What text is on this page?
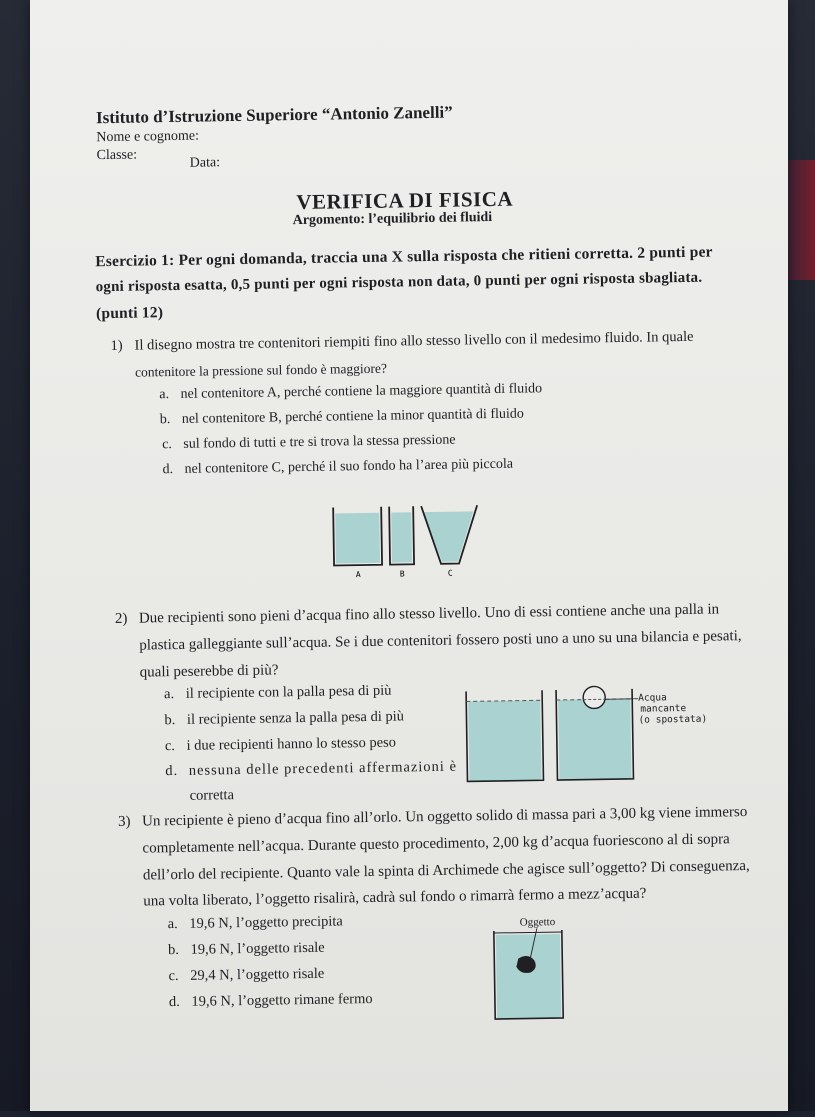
Istituto d’Istruzione Superiore “Antonio Zanelli”
Nome e cognome:
Classe:	Data:
VERIFICA DI FISICA
Argomento: l’equilibrio dei fluidi
Esercizio 1: Per ogni domanda, traccia una X sulla risposta che ritieni corretta. 2 punti per
ogni risposta esatta, 0,5 punti per ogni risposta non data, 0 punti per ogni risposta sbagliata.
(punti 12)
1) Il disegno mostra tre contenitori riempiti fino allo stesso livello con il medesimo fluido. In quale
contenitore la pressione sul fondo è maggiore?
a. nel contenitore A, perché contiene la maggiore quantità di fluido
b. nel contenitore B, perché contiene la minor quantità di fluido
c. sul fondo di tutti e tre si trova la stessa pressione
d. nel contenitore C, perché il suo fondo ha l’area più piccola
A	B	C
2) Due recipienti sono pieni d’acqua fino allo stesso livello. Uno di essi contiene anche una palla in
plastica galleggiante sull’acqua. Se i due contenitori fossero posti uno a uno su una bilancia e pesati,
quali peserebbe di più?
a. il recipiente con la palla pesa di più
b. il recipiente senza la palla pesa di più
c. i due recipienti hanno lo stesso peso
d. nessuna delle precedenti affermazioni è
corretta
Acqua
mancante
(o spostata)
3) Un recipiente è pieno d’acqua fino all’orlo. Un oggetto solido di massa pari a 3,00 kg viene immerso
completamente nell’acqua. Durante questo procedimento, 2,00 kg d’acqua fuoriescono al di sopra
dell’orlo del recipiente. Quanto vale la spinta di Archimede che agisce sull’oggetto? Di conseguenza,
una volta liberato, l’oggetto risalirà, cadrà sul fondo o rimarrà fermo a mezz’acqua?
a. 19,6 N, l’oggetto precipita
b. 19,6 N, l’oggetto risale
c. 29,4 N, l’oggetto risale
d. 19,6 N, l’oggetto rimane fermo
Oggetto
